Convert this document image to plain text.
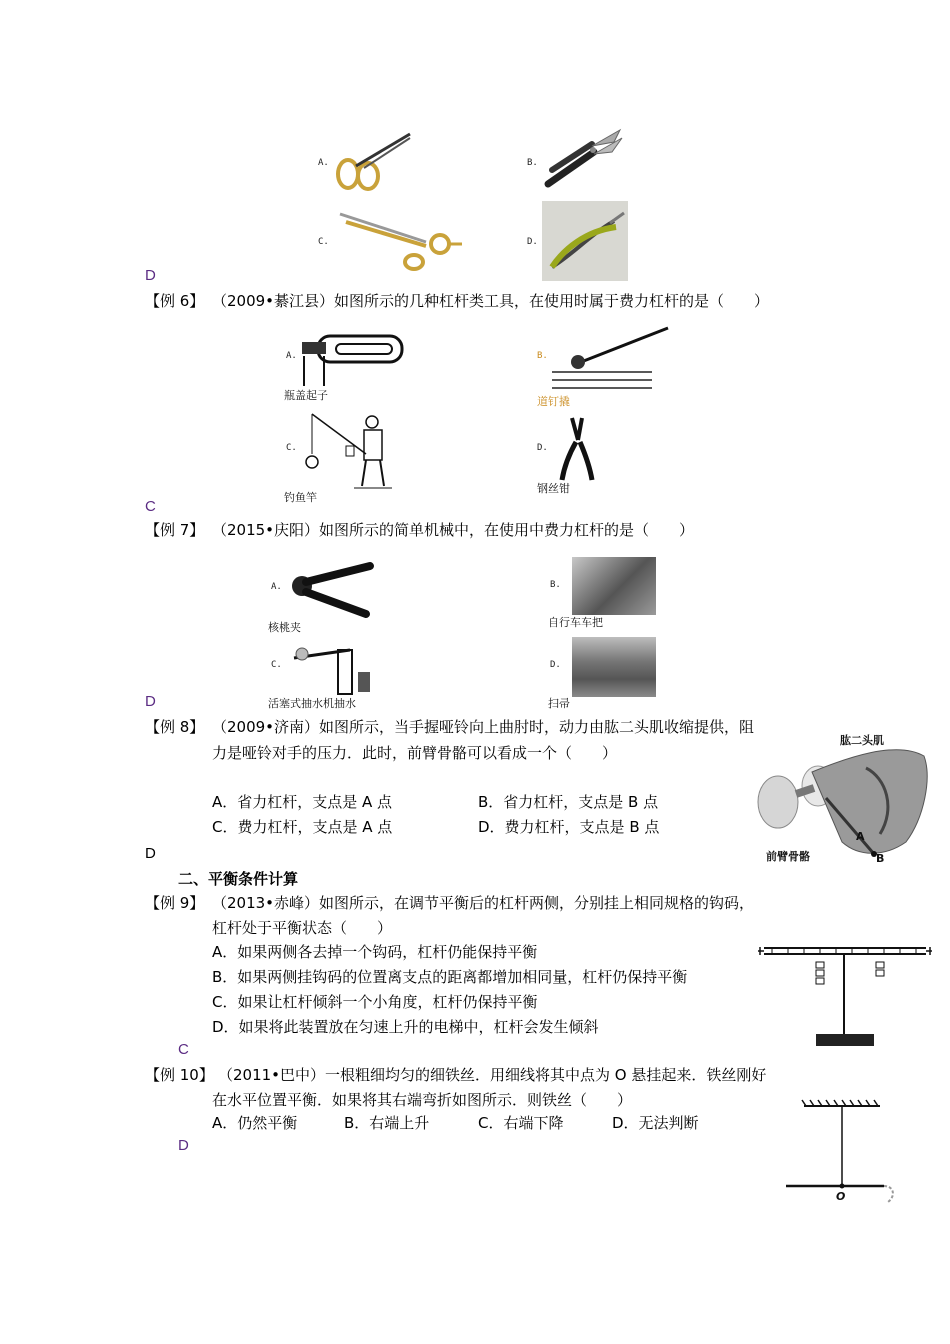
A.	B.
C.	D.
D
【例 6】 （2009•綦江县）如图所示的几种杠杆类工具，在使用时属于费力杠杆的是（　　）
A.
瓶盖起子
B.
道钉撬
C.
钓鱼竿
D.
钢丝钳
C
【例 7】 （2015•庆阳）如图所示的简单机械中，在使用中费力杠杆的是（　　）
A.
核桃夹
B.
自行车车把
C.
活塞式抽水机抽水
D.
扫帚
D
【例 8】 （2009•济南）如图所示，当手握哑铃向上曲肘时，动力由肱二头肌收缩提供，阻
力是哑铃对手的压力．此时，前臂骨骼可以看成一个（　　）
A．省力杠杆，支点是 A 点	B．省力杠杆，支点是 B 点
C．费力杠杆，支点是 A 点	D．费力杠杆，支点是 B 点
肱二头肌
前臂骨骼
A
B
D
二、平衡条件计算
【例 9】 （2013•赤峰）如图所示，在调节平衡后的杠杆两侧，分别挂上相同规格的钩码，
杠杆处于平衡状态（　　）
A．如果两侧各去掉一个钩码，杠杆仍能保持平衡
B．如果两侧挂钩码的位置离支点的距离都增加相同量，杠杆仍保持平衡
C．如果让杠杆倾斜一个小角度，杠杆仍保持平衡
D．如果将此装置放在匀速上升的电梯中，杠杆会发生倾斜
C
【例 10】 （2011•巴中）一根粗细均匀的细铁丝．用细线将其中点为 O 悬挂起来．铁丝刚好
在水平位置平衡．如果将其右端弯折如图所示．则铁丝（　　）
A．仍然平衡	B．右端上升	C．右端下降	D．无法判断
O
D
